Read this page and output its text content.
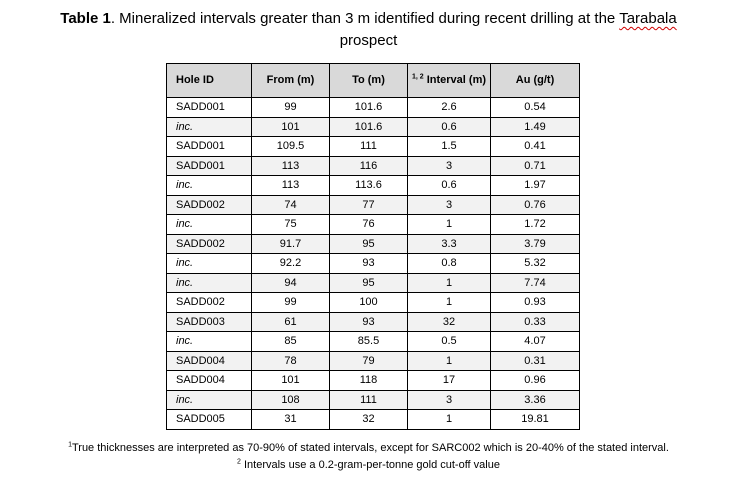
Table 1. Mineralized intervals greater than 3 m identified during recent drilling at the Tarabala
prospect
Hole ID	From (m)	To (m)	$^{1, 2}$ Interval (m)	Au (g/t)
SADD001	99	101.6	2.6	0.54
inc.	101	101.6	0.6	1.49
SADD001	109.5	111	1.5	0.41
SADD001	113	116	3	0.71
inc.	113	113.6	0.6	1.97
SADD002	74	77	3	0.76
inc.	75	76	1	1.72
SADD002	91.7	95	3.3	3.79
inc.	92.2	93	0.8	5.32
inc.	94	95	1	7.74
SADD002	99	100	1	0.93
SADD003	61	93	32	0.33
inc.	85	85.5	0.5	4.07
SADD004	78	79	1	0.31
SADD004	101	118	17	0.96
inc.	108	111	3	3.36
SADD005	31	32	1	19.81
$^1$True thicknesses are interpreted as 70-90% of stated intervals, except for SARC002 which is 20-40% of the stated interval.
$^2$ Intervals use a 0.2-gram-per-tonne gold cut-off value
